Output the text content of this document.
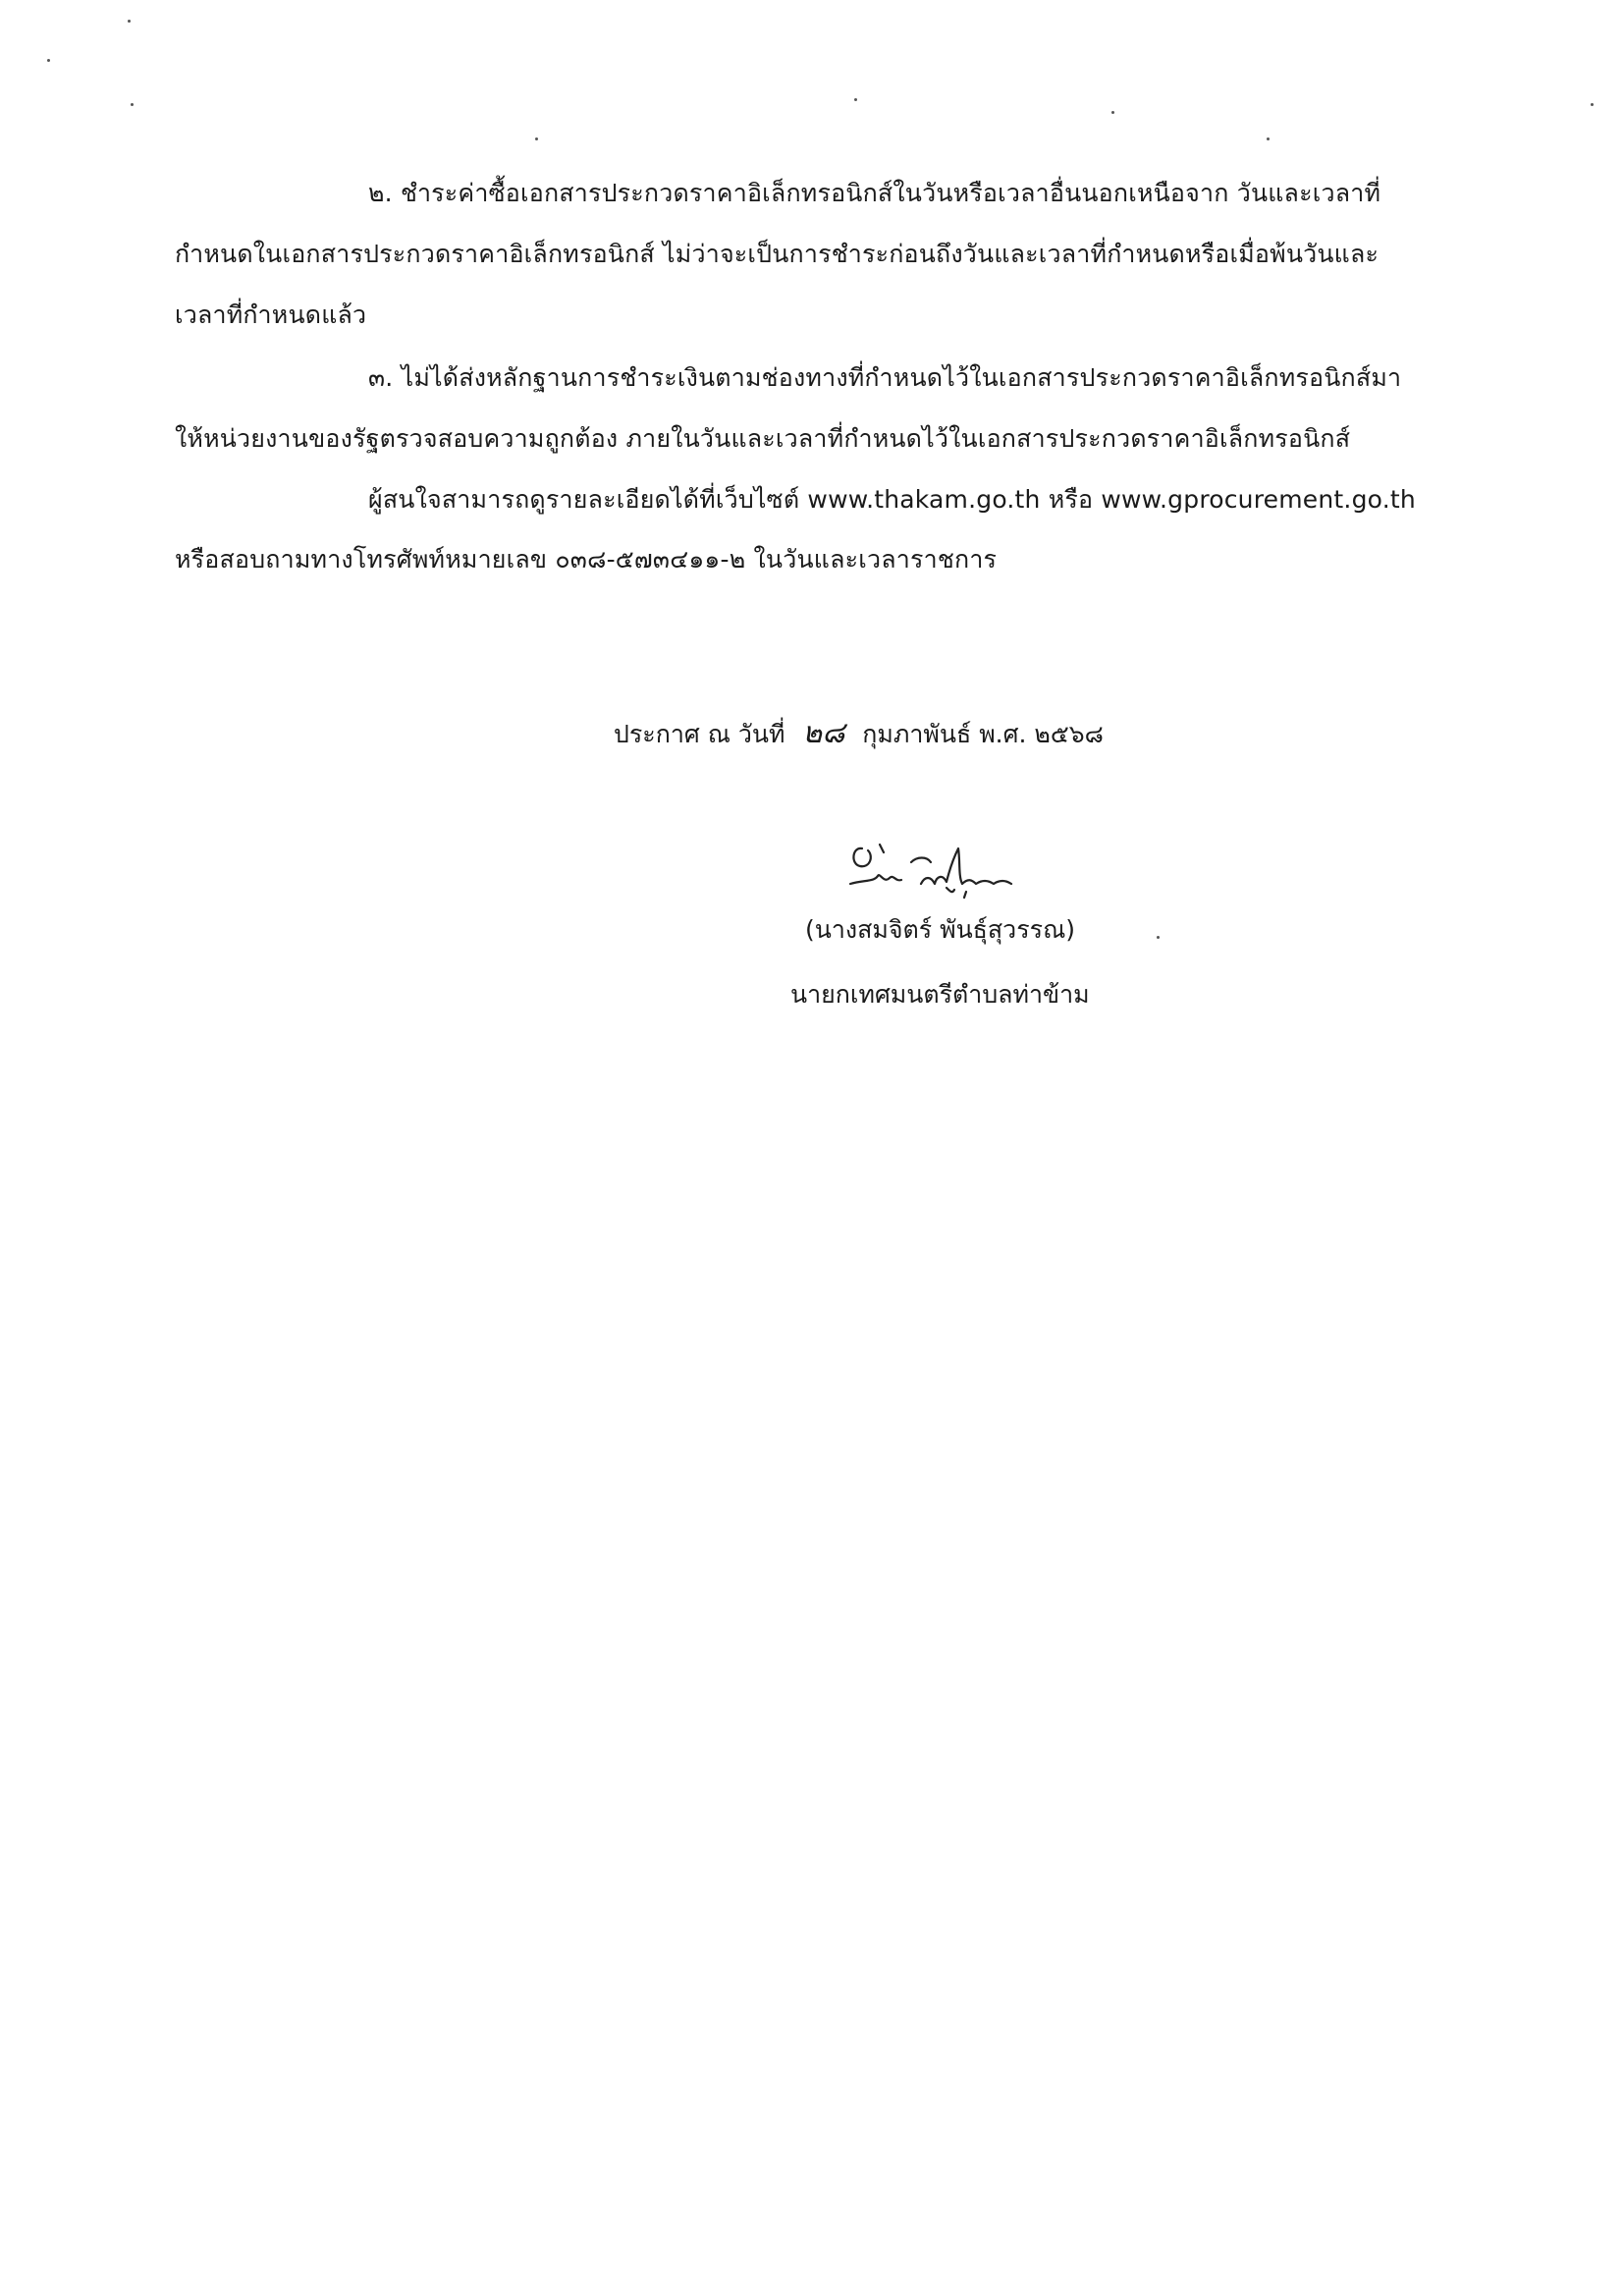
๒. ชำระค่าซื้อเอกสารประกวดราคาอิเล็กทรอนิกส์ในวันหรือเวลาอื่นนอกเหนือจาก วันและเวลาที่
กำหนดในเอกสารประกวดราคาอิเล็กทรอนิกส์ ไม่ว่าจะเป็นการชำระก่อนถึงวันและเวลาที่กำหนดหรือเมื่อพ้นวันและ
เวลาที่กำหนดแล้ว
๓. ไม่ได้ส่งหลักฐานการชำระเงินตามช่องทางที่กำหนดไว้ในเอกสารประกวดราคาอิเล็กทรอนิกส์มา
ให้หน่วยงานของรัฐตรวจสอบความถูกต้อง ภายในวันและเวลาที่กำหนดไว้ในเอกสารประกวดราคาอิเล็กทรอนิกส์
ผู้สนใจสามารถดูรายละเอียดได้ที่เว็บไซต์ www.thakam.go.th หรือ www.gprocurement.go.th
หรือสอบถามทางโทรศัพท์หมายเลข ๐๓๘-๕๗๓๔๑๑-๒ ในวันและเวลาราชการ
ประกาศ ณ วันที่ ๒๘ กุมภาพันธ์ พ.ศ. ๒๕๖๘
(นางสมจิตร์ พันธุ์สุวรรณ)
นายกเทศมนตรีตำบลท่าข้าม
